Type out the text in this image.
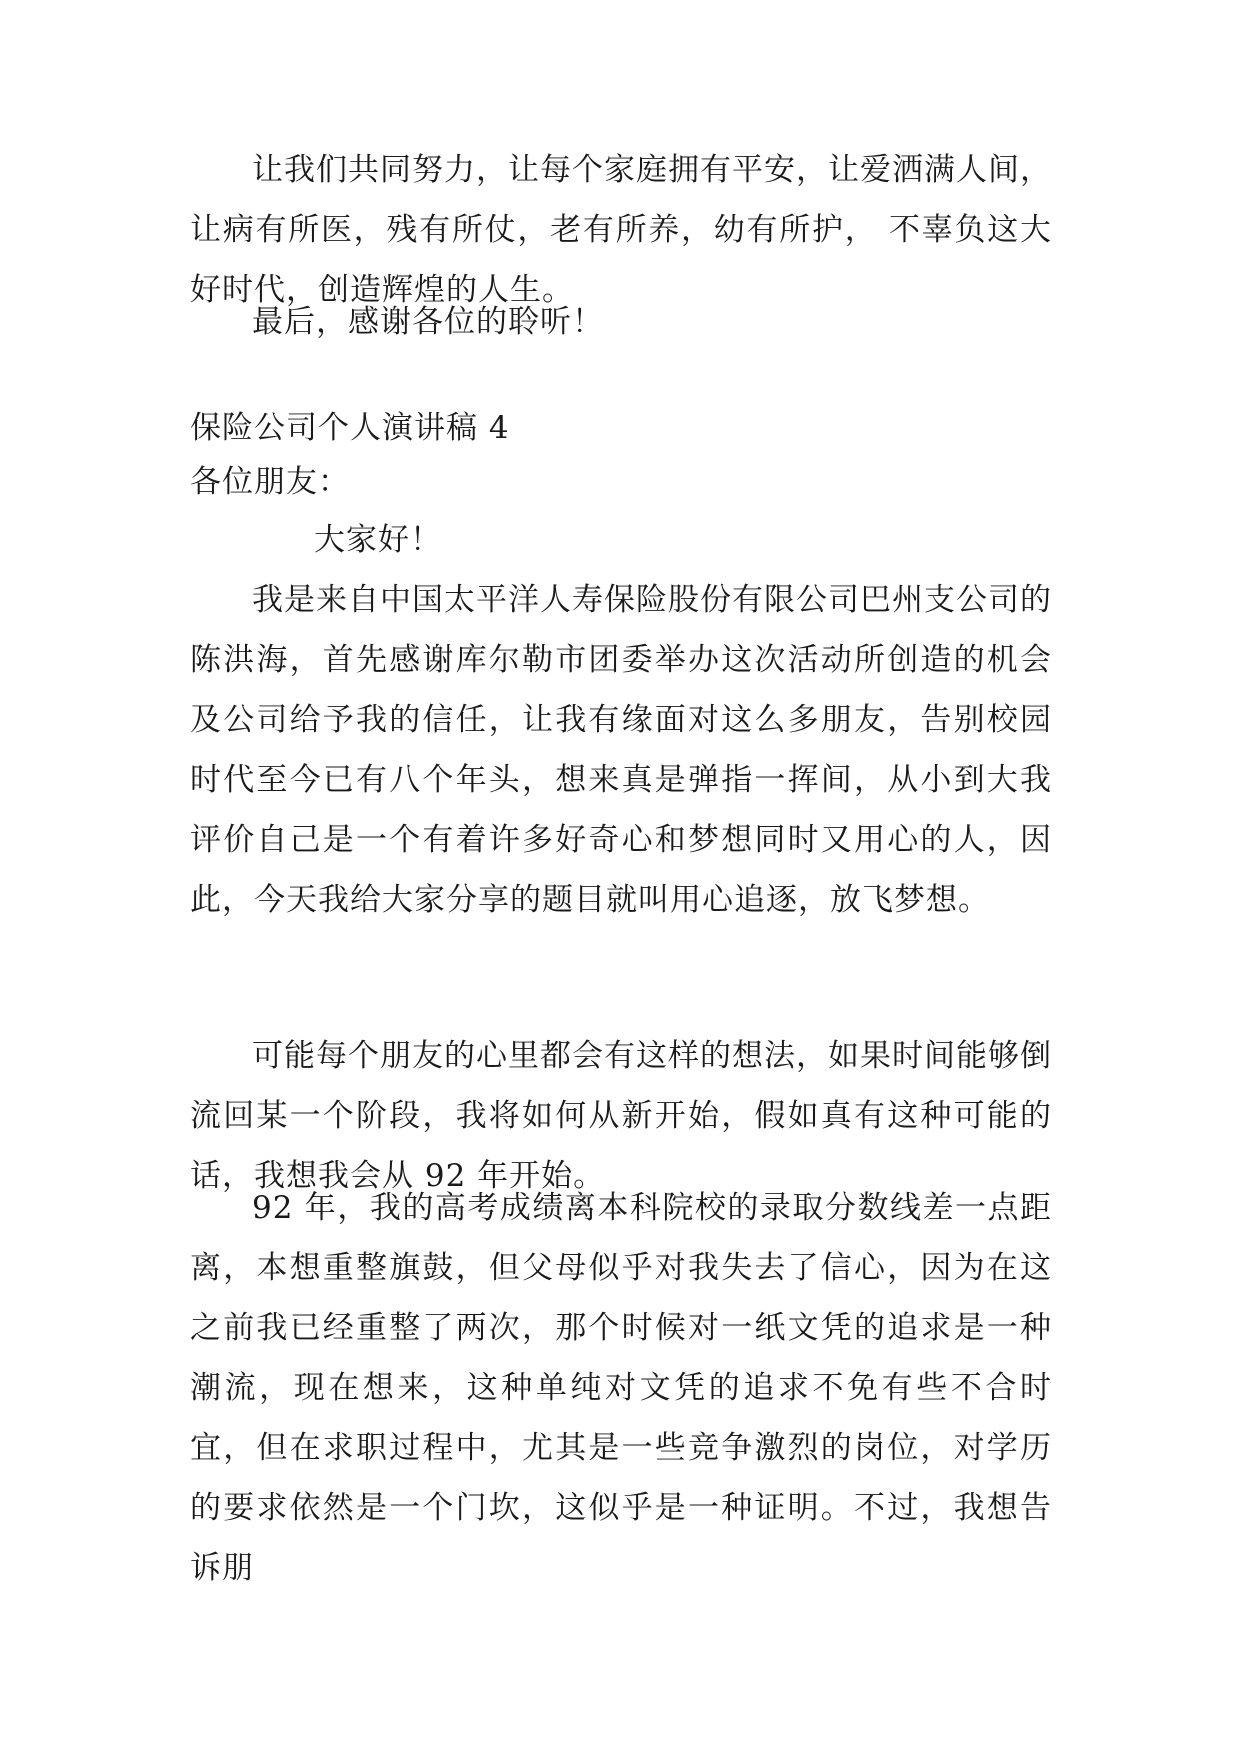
让我们共同努力，让每个家庭拥有平安，让爱洒满人间，让病有所医，残有所仗，老有所养，幼有所护， 不辜负这大好时代，创造辉煌的人生。

最后，感谢各位的聆听！

保险公司个人演讲稿 4

各位朋友：

大家好！

我是来自中国太平洋人寿保险股份有限公司巴州支公司的陈洪海，首先感谢库尔勒市团委举办这次活动所创造的机会及公司给予我的信任，让我有缘面对这么多朋友，告别校园时代至今已有八个年头，想来真是弹指一挥间，从小到大我评价自己是一个有着许多好奇心和梦想同时又用心的人，因此，今天我给大家分享的题目就叫用心追逐，放飞梦想。

可能每个朋友的心里都会有这样的想法，如果时间能够倒流回某一个阶段，我将如何从新开始，假如真有这种可能的话，我想我会从 92 年开始。

92 年，我的高考成绩离本科院校的录取分数线差一点距离，本想重整旗鼓，但父母似乎对我失去了信心，因为在这之前我已经重整了两次，那个时候对一纸文凭的追求是一种潮流，现在想来，这种单纯对文凭的追求不免有些不合时宜，但在求职过程中，尤其是一些竞争激烈的岗位，对学历的要求依然是一个门坎，这似乎是一种证明。不过，我想告诉朋
